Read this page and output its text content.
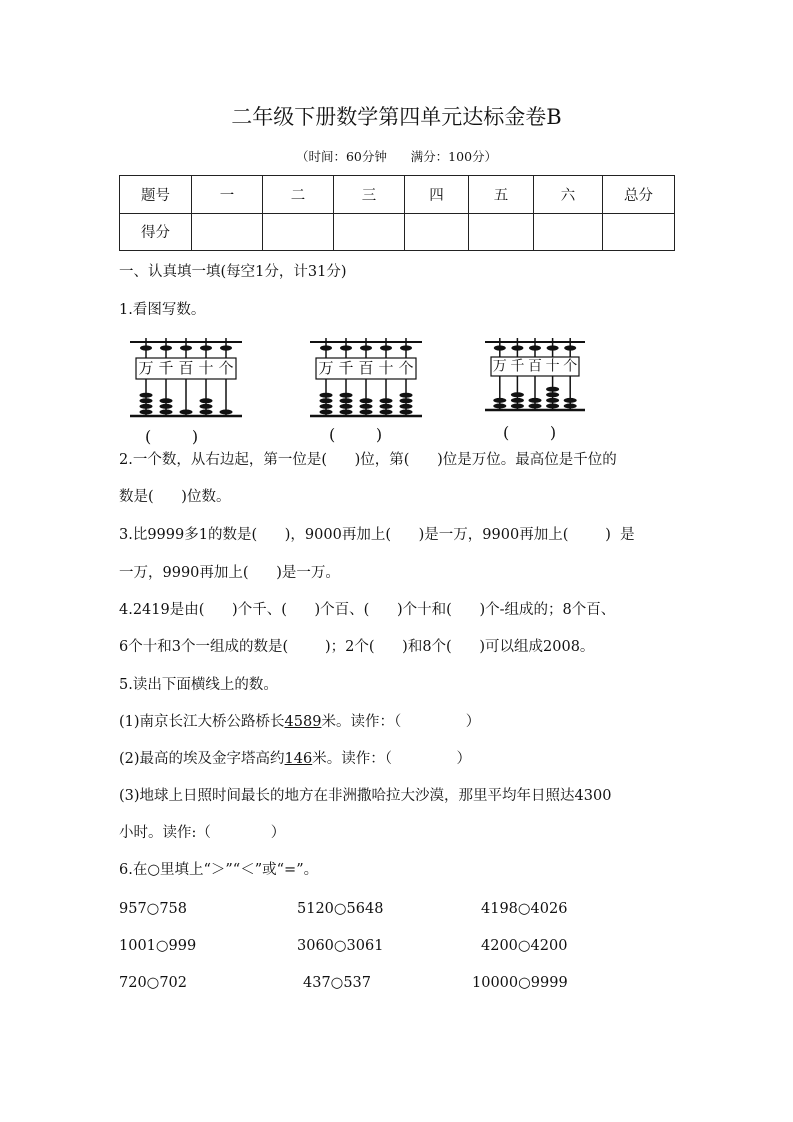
二年级下册数学第四单元达标金卷B
（时间：60分钟      满分：100分）
题号	一	二	三	四	五	六	总分
得分							
一、认真填一填(每空1分，计31分)
1.看图写数。
万 千 百 十 个	万 千 百 十 个	万 千 百 十 个
(        )	(        )	(        )
2.一个数，从右边起，第一位是(      )位，第(      )位是万位。最高位是千位的
数是(      )位数。
3.比9999多1的数是(      )，9000再加上(      )是一万，9900再加上(        )  是
一万，9990再加上(      )是一万。
4.2419是由(      )个千、(      )个百、(      )个十和(      )个-组成的；8个百、
6个十和3个一组成的数是(        )；2个(      )和8个(      )可以组成2008。
5.读出下面横线上的数。
(1)南京长江大桥公路桥长4589米。读作：（              ）
(2)最高的埃及金字塔高约146米。读作：（              ）
(3)地球上日照时间最长的地方在非洲撒哈拉大沙漠，那里平均年日照达4300
小时。读作:（             ）
6.在○里填上“＞”“＜”或“=”。
957○758	5120○5648	4198○4026
1001○999	3060○3061	4200○4200
720○702	437○537	10000○9999
